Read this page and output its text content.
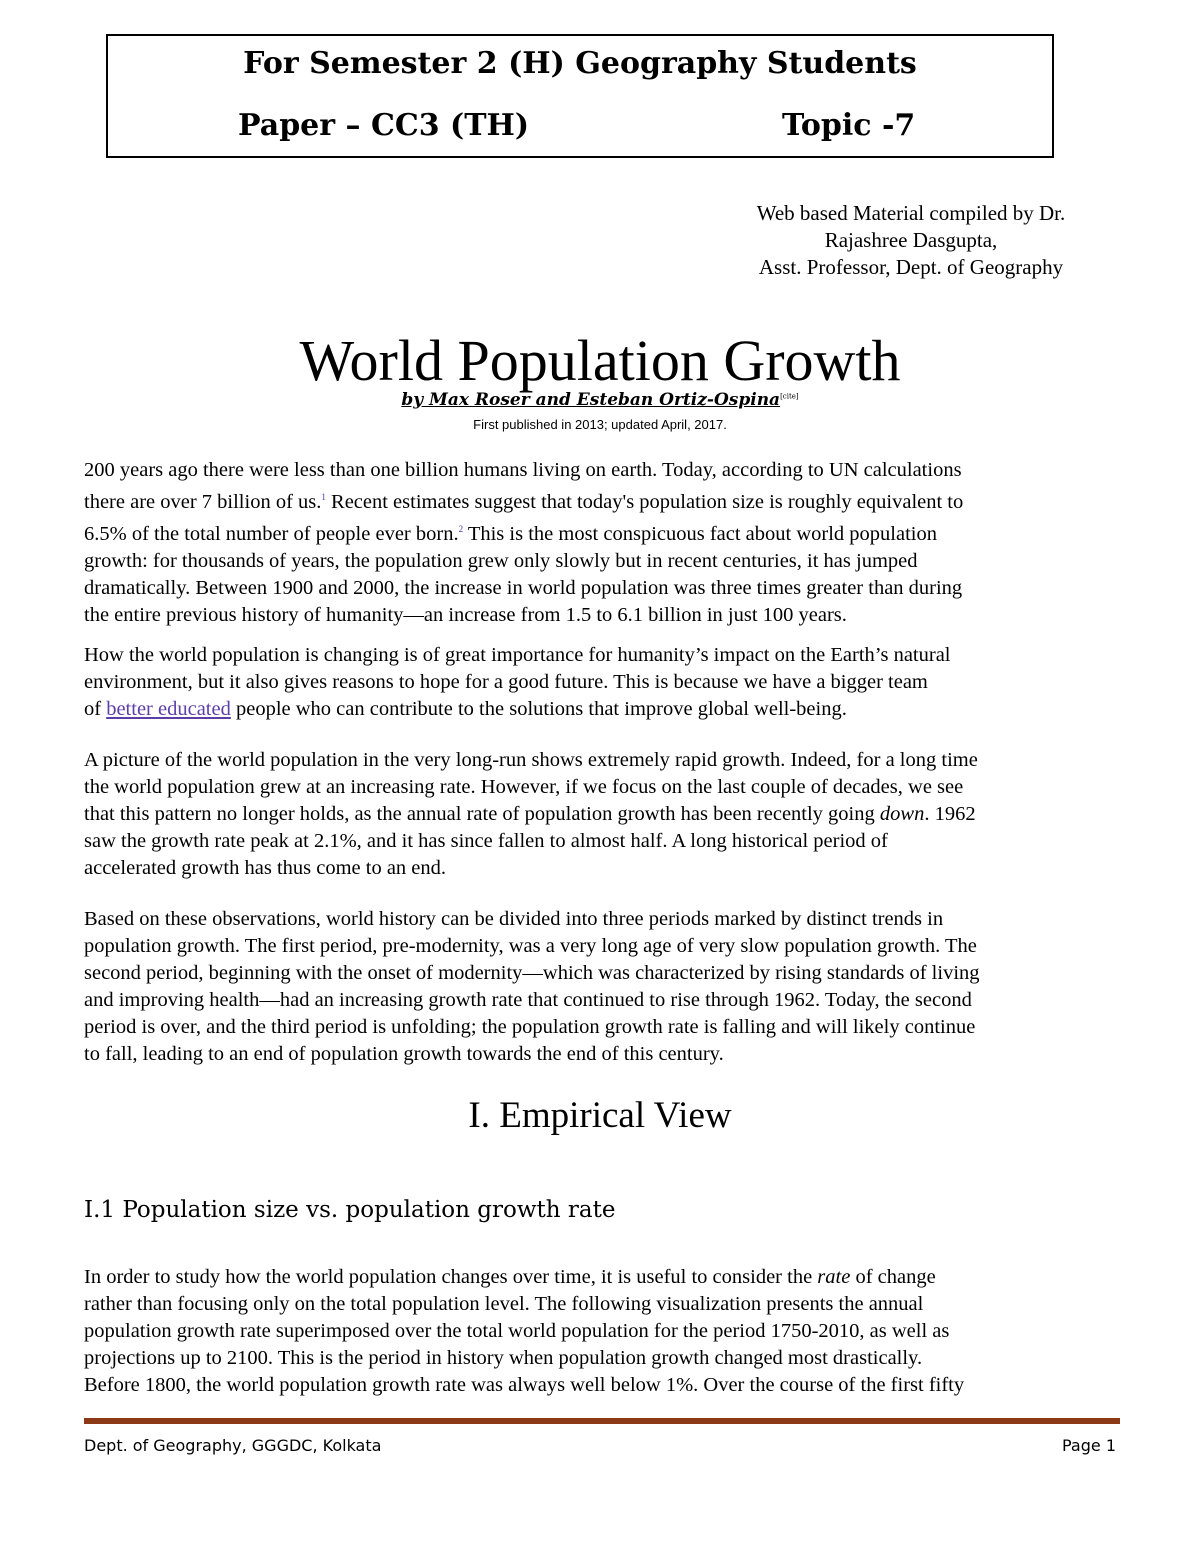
For Semester 2 (H) Geography Students
Paper – CC3 (TH)	Topic -7
Web based Material compiled by Dr.
Rajashree Dasgupta,
Asst. Professor, Dept. of Geography
World Population Growth
by Max Roser and Esteban Ortiz-Ospina[cite]
First published in 2013; updated April, 2017.
200 years ago there were less than one billion humans living on earth. Today, according to UN calculations
there are over 7 billion of us.$^1$ Recent estimates suggest that today's population size is roughly equivalent to
6.5% of the total number of people ever born.$^2$ This is the most conspicuous fact about world population
growth: for thousands of years, the population grew only slowly but in recent centuries, it has jumped
dramatically. Between 1900 and 2000, the increase in world population was three times greater than during
the entire previous history of humanity—an increase from 1.5 to 6.1 billion in just 100 years.
How the world population is changing is of great importance for humanity’s impact on the Earth’s natural
environment, but it also gives reasons to hope for a good future. This is because we have a bigger team
of better educated people who can contribute to the solutions that improve global well-being.
A picture of the world population in the very long-run shows extremely rapid growth. Indeed, for a long time
the world population grew at an increasing rate. However, if we focus on the last couple of decades, we see
that this pattern no longer holds, as the annual rate of population growth has been recently going down. 1962
saw the growth rate peak at 2.1%, and it has since fallen to almost half. A long historical period of
accelerated growth has thus come to an end.
Based on these observations, world history can be divided into three periods marked by distinct trends in
population growth. The first period, pre-modernity, was a very long age of very slow population growth. The
second period, beginning with the onset of modernity—which was characterized by rising standards of living
and improving health—had an increasing growth rate that continued to rise through 1962. Today, the second
period is over, and the third period is unfolding; the population growth rate is falling and will likely continue
to fall, leading to an end of population growth towards the end of this century.
I. Empirical View
I.1 Population size vs. population growth rate
In order to study how the world population changes over time, it is useful to consider the rate of change
rather than focusing only on the total population level. The following visualization presents the annual
population growth rate superimposed over the total world population for the period 1750-2010, as well as
projections up to 2100. This is the period in history when population growth changed most drastically.
Before 1800, the world population growth rate was always well below 1%. Over the course of the first fifty
Dept. of Geography, GGGDC, Kolkata	Page 1
